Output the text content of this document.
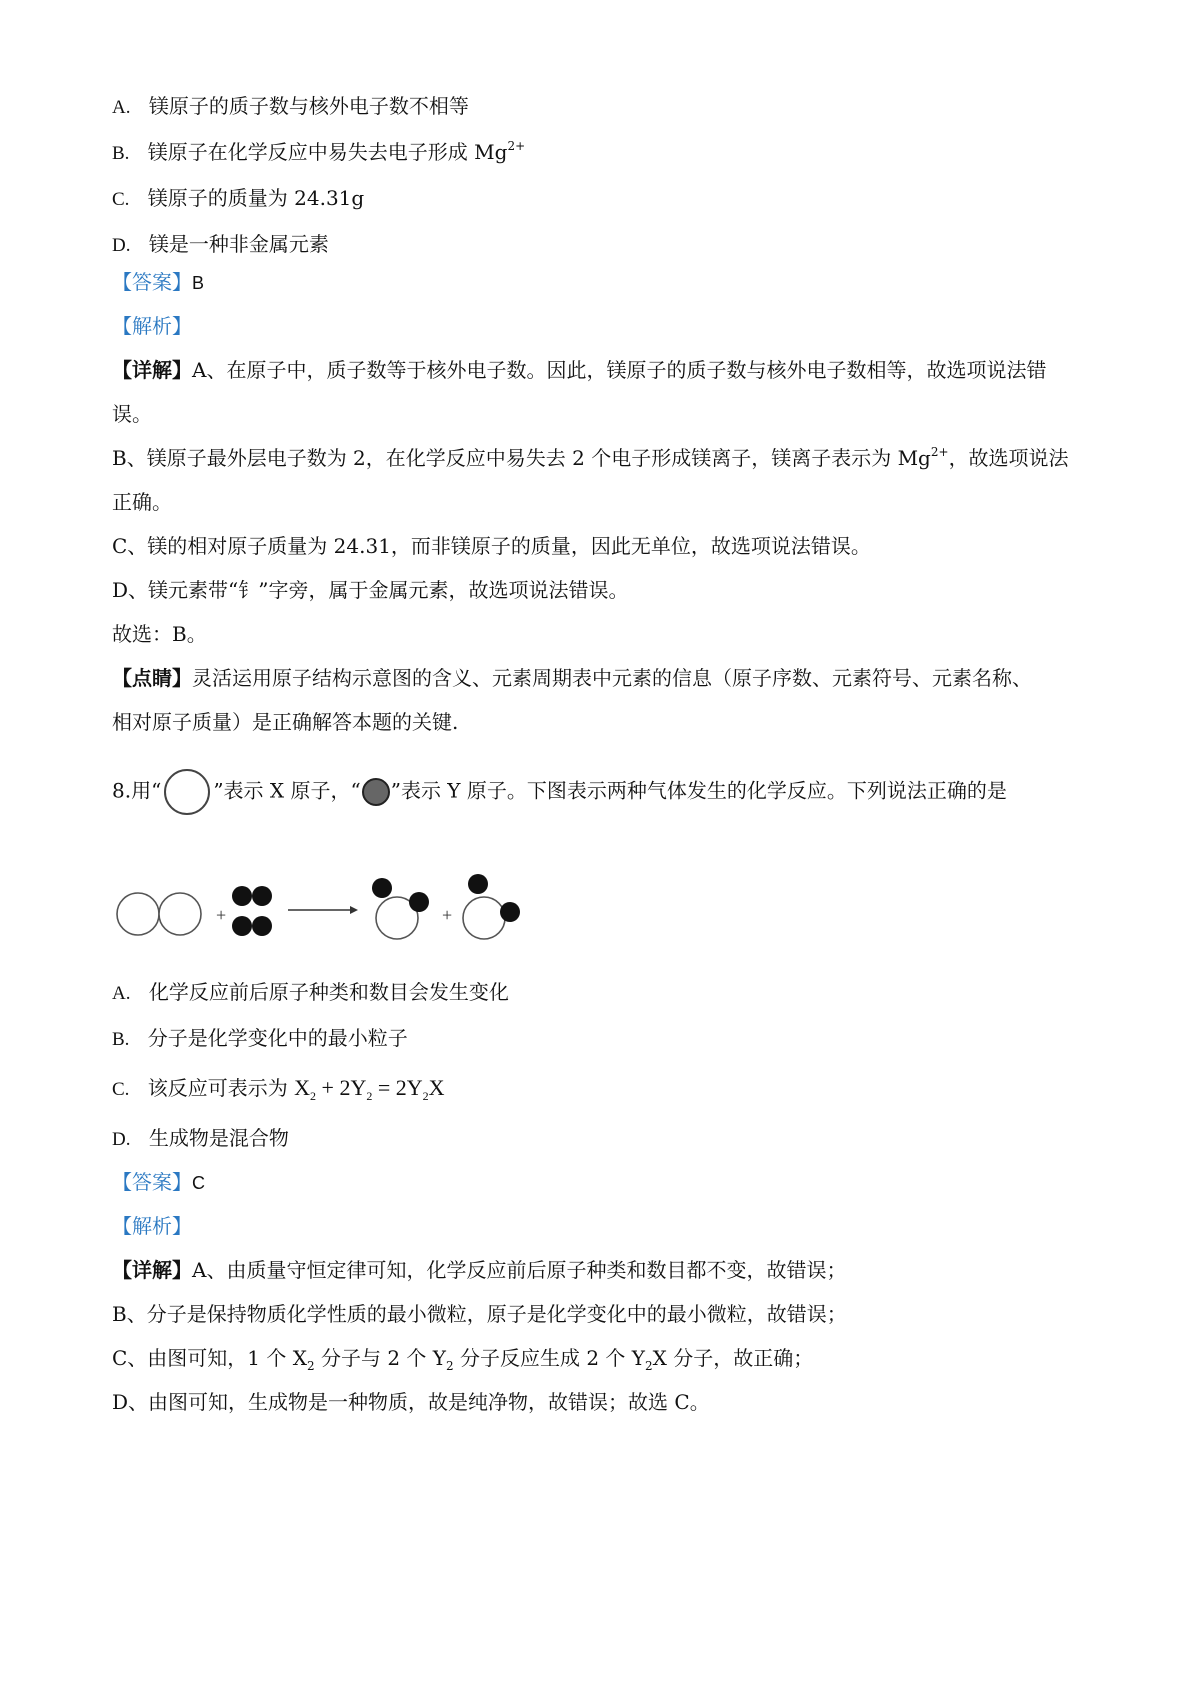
A. 镁原子的质子数与核外电子数不相等
B. 镁原子在化学反应中易失去电子形成 $Mg^{2+}$
C. 镁原子的质量为 24.31g
D. 镁是一种非金属元素
【答案】B
【解析】
【详解】A、在原子中，质子数等于核外电子数。因此，镁原子的质子数与核外电子数相等，故选项说法错
误。
B、镁原子最外层电子数为 2，在化学反应中易失去 2 个电子形成镁离子，镁离子表示为 $Mg^{2+}$，故选项说法
正确。
C、镁的相对原子质量为 24.31，而非镁原子的质量，因此无单位，故选项说法错误。
D、镁元素带“钅”字旁，属于金属元素，故选项说法错误。
故选：B。
【点睛】灵活运用原子结构示意图的含义、元素周期表中元素的信息（原子序数、元素符号、元素名称、
相对原子质量）是正确解答本题的关键.
8.用“	”表示 X 原子，“ ”表示 Y 原子。下图表示两种气体发生的化学反应。下列说法正确的是
+	+
A. 化学反应前后原子种类和数目会发生变化
B. 分子是化学变化中的最小粒子
C. 该反应可表示为 $X_2 + 2Y_2 = 2Y_2X$
D. 生成物是混合物
【答案】C
【解析】
【详解】A、由质量守恒定律可知，化学反应前后原子种类和数目都不变，故错误；
B、分子是保持物质化学性质的最小微粒，原子是化学变化中的最小微粒，故错误；
C、由图可知，1 个 $X_2$ 分子与 2 个 $Y_2$ 分子反应生成 2 个 $Y_2X$ 分子，故正确；
D、由图可知，生成物是一种物质，故是纯净物，故错误；故选 C。
